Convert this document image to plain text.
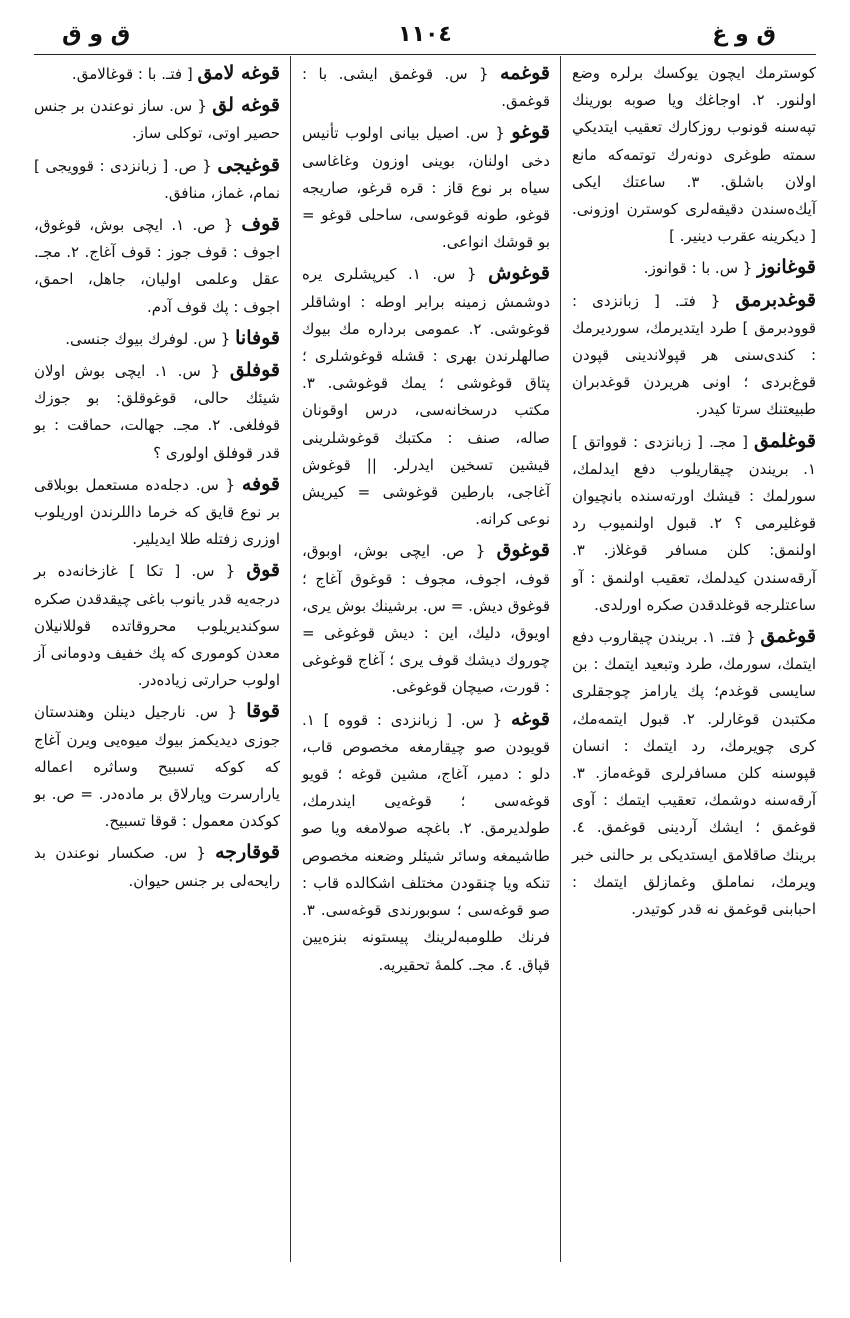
ق و غ
١١٠٤
ق و ق

كوسترمك ايچون يوكسك برلره وضع اولنور. ٢. اوجاغك ويا صوبه بورينك تپه‌سنه قونوب روزكارك تعقيب ايتديكي سمته طوغرى دونه‌رك توتمه‌كه مانع اولان باشلق. ٣. ساعتك ايكى آيك‌ه‌سندن دقيقه‌لرى كوسترن اوزونى. [ ديكرينه عقرب دينير. ]

قوغانوز { س. با : قوانوز.

قوغدبرمق { فتـ. [ زبانزدى : قوودبرمق ] طرد ايتديرمك، سورديرمك : كندى‌سنى هر قپولاندينى قپودن قوغ‌بردى ؛ اونى هريردن قوغدبران طبيعتنك سرتا كيدر.

قوغلمق [ مجـ. [ زبانزدى : قوواتق ] ١. بريندن چيقاريلوب دفع ايدلمك، سورلمك : قيشك اورته‌سنده بانچيوان قوغليرمى ؟ ٢. قبول اولنميوب رد اولنمق: كلن مسافر قوغلاز. ٣. آرقه‌سندن كيدلمك، تعقيب اولنمق : آو ساعتلرجه قوغلدقدن صكره اورلدى.

قوغمق { فتـ. ١. بريندن چيقاروب دفع ايتمك، سورمك، طرد وتبعيد ايتمك : بن سايسى قوغدم؛ پك يارامز چوجقلرى مكتبدن قوغارلر. ٢. قبول ايتمه‌مك، كرى چويرمك، رد ايتمك : انسان قپوسنه كلن مسافرلرى قوغه‌ماز. ٣. آرقه‌سنه دوشمك، تعقيب ايتمك : آوى قوغمق ؛ ايشك آردينى قوغمق. ٤. برينك صاقلامق ايستديكى بر حالنى خبر ويرمك، نماملق وغمازلق ايتمك : احبابنى قوغمق نه قدر كوتيدر.

قوغمه { س. قوغمق ايشى. با : قوغمق.

قوغو { س. اصيل بيانى اولوب تأنيس دخى اولنان، بوينى اوزون وغاغاسى سياه بر نوع قاز : قره قرغو، صاريجه قوغو، طونه قوغوسى، ساحلى قوغو = بو قوشك انواعى.

قوغوش { س. ١. كيرپشلرى يره دوشمش زمينه برابر اوطه : اوشاقلر قوغوشى. ٢. عمومى برداره مك بيوك صالهلرندن بهرى : قشله قوغوشلرى ؛ پتاق قوغوشى ؛ يمك قوغوشى. ٣. مكتب درسخانه‌سى، درس اوقونان صاله، صنف : مكتبك قوغوشلرينى قيشين تسخين ايدرلر. || قوغوش آغاجى، بارطين قوغوشى = كيريش نوعى كرانه.

قوغوق { ص. ايچى بوش، اوبوق، قوف، اجوف، مجوف : قوغوق آغاج ؛ قوغوق ديش. = س. برشينك بوش يرى، اويوق، دليك، اين : ديش قوغوغى = چوروك ديشك قوف يرى ؛ آغاج قوغوغى : قورت، صيچان قوغوغى.

قوغه { س. [ زبانزدى : قووه ] ١. قويودن صو چيقارمغه مخصوص قاب، دلو : دمير، آغاج، مشين قوغه ؛ قويو قوغه‌سى ؛ قوغه‌يى ايندرمك، طولديرمق. ٢. باغچه صولامغه ويا صو طاشيمغه وسائر شيئلر وضعنه مخصوص تنكه ويا چنقودن مختلف اشكالده قاب : صو قوغه‌سى ؛ سوبورندى قوغه‌سى. ٣. فرنك طلومبه‌لرينك پيستونه بنزه‌يين قپاق. ٤. مجـ. كلمهٔ تحقيريه.

قوغه لامق [ فتـ. با : قوغالامق.

قوغه لق { س. ساز نوعندن بر جنس حصير اوتى، توكلى ساز.

قوغيجى { ص. [ زبانزدى : قوويجى ] نمام، غماز، منافق.

قوف { ص. ١. ايچى بوش، قوغوق، اجوف : قوف جوز : قوف آغاج. ٢. مجـ. عقل وعلمى اوليان، جاهل، احمق، اجوف : پك قوف آدم.

قوفانا { س. لوفرك بيوك جنسى.

قوفلق { س. ١. ايچى بوش اولان شيئك حالى، قوغوقلق: بو جوزك قوفلغى. ٢. مجـ. جهالت، حماقت : بو قدر قوفلق اولورى ؟

قوفه { س. دجله‌ده مستعمل بوبلاقى بر نوع قايق كه خرما داللرندن اوريلوب اوزرى زفتله طلا ايديلير.

قوق { س. [ تكا ] غازخانه‌ده بر درجه‌يه قدر يانوب باغى چيقدقدن صكره سوكنديريلوب محروقاتده قوللانيلان معدن كومورى كه پك خفيف ودومانى آز اولوب حرارتى زياده‌در.

قوقا { س. نارجيل دينلن وهندستان جوزى ديديكمز بيوك ميوه‌يى ويرن آغاج كه كوكه تسبيح وساثره اعماله يارارسرت وپارلاق بر ماده‌در. = ص. بو كوكدن معمول : قوقا تسبيح.

قوقارجه { س. صكسار نوعندن بد رايحه‌لى بر جنس حيوان.
